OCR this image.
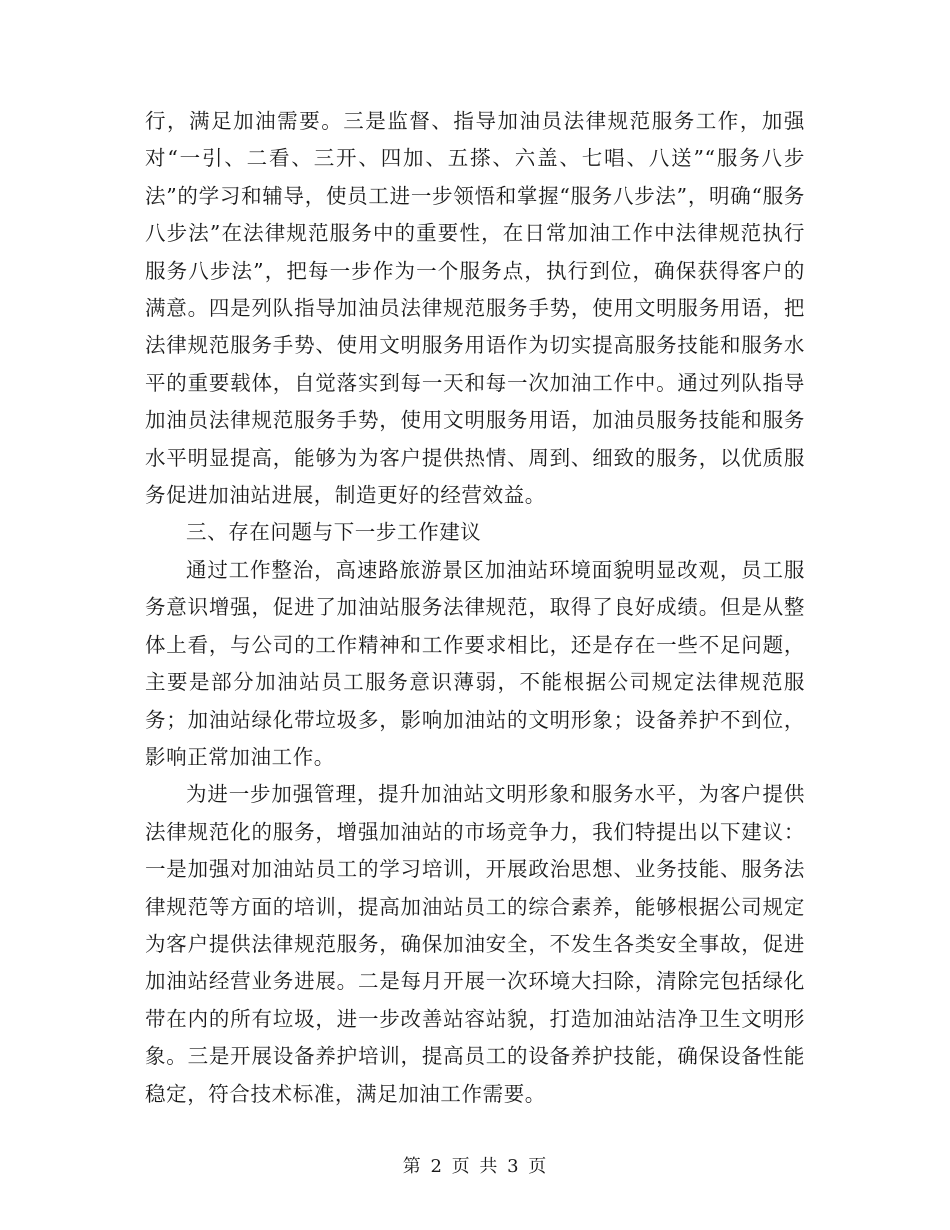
行，满足加油需要。三是监督、指导加油员法律规范服务工作，加强对“一引、二看、三开、四加、五搽、六盖、七唱、八送”“服务八步法”的学习和辅导，使员工进一步领悟和掌握“服务八步法”，明确“服务八步法”在法律规范服务中的重要性，在日常加油工作中法律规范执行服务八步法”，把每一步作为一个服务点，执行到位，确保获得客户的满意。四是列队指导加油员法律规范服务手势，使用文明服务用语，把法律规范服务手势、使用文明服务用语作为切实提高服务技能和服务水平的重要载体，自觉落实到每一天和每一次加油工作中。通过列队指导加油员法律规范服务手势，使用文明服务用语，加油员服务技能和服务水平明显提高，能够为为客户提供热情、周到、细致的服务，以优质服务促进加油站进展，制造更好的经营效益。

三、存在问题与下一步工作建议

通过工作整治，高速路旅游景区加油站环境面貌明显改观，员工服务意识增强，促进了加油站服务法律规范，取得了良好成绩。但是从整体上看，与公司的工作精神和工作要求相比，还是存在一些不足问题，主要是部分加油站员工服务意识薄弱，不能根据公司规定法律规范服务；加油站绿化带垃圾多，影响加油站的文明形象；设备养护不到位，影响正常加油工作。

为进一步加强管理，提升加油站文明形象和服务水平，为客户提供法律规范化的服务，增强加油站的市场竞争力，我们特提出以下建议：一是加强对加油站员工的学习培训，开展政治思想、业务技能、服务法律规范等方面的培训，提高加油站员工的综合素养，能够根据公司规定为客户提供法律规范服务，确保加油安全，不发生各类安全事故，促进加油站经营业务进展。二是每月开展一次环境大扫除，清除完包括绿化带在内的所有垃圾，进一步改善站容站貌，打造加油站洁净卫生文明形象。三是开展设备养护培训，提高员工的设备养护技能，确保设备性能稳定，符合技术标准，满足加油工作需要。

第 2 页 共 3 页
